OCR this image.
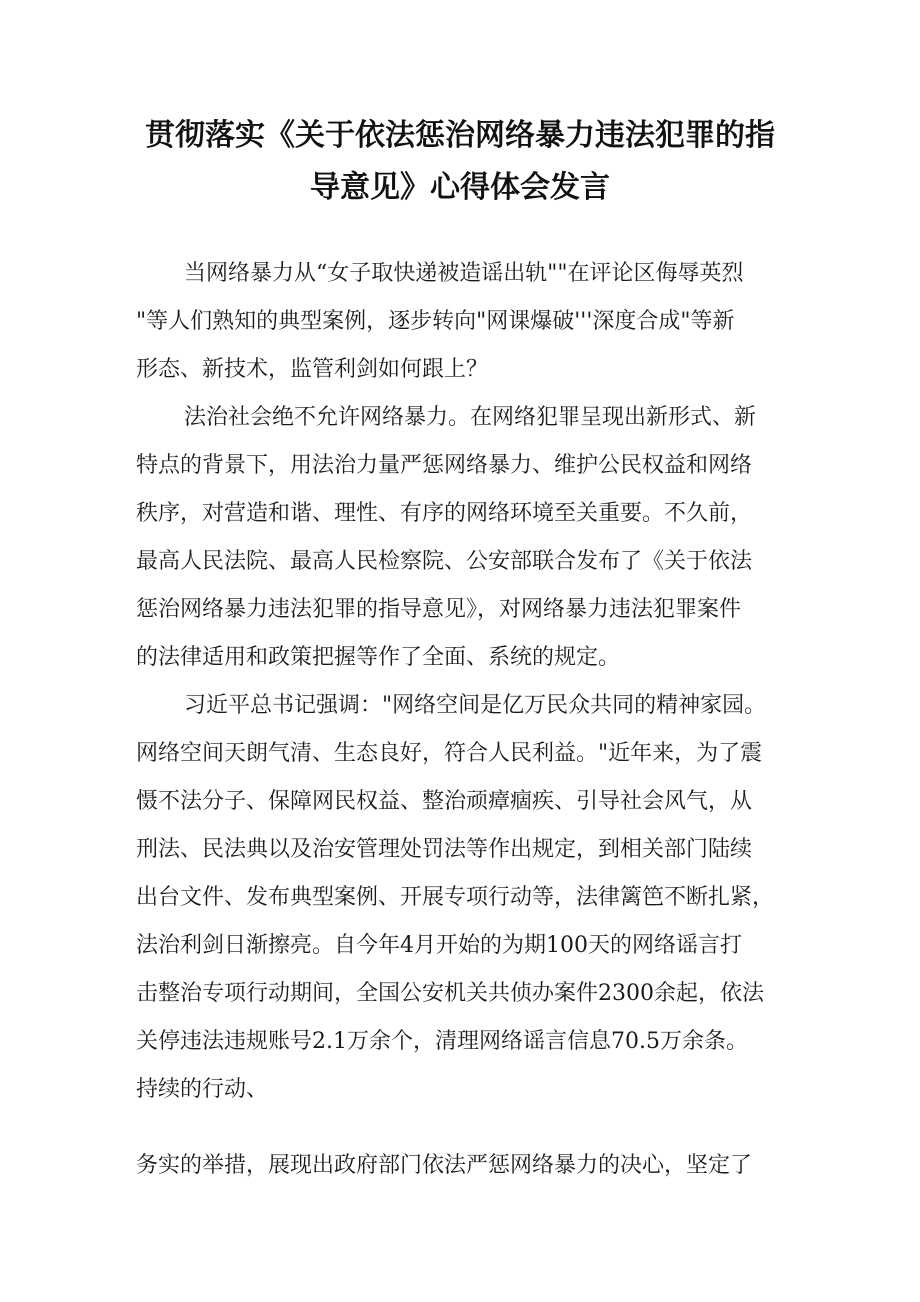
贯彻落实《关于依法惩治网络暴力违法犯罪的指
导意见》心得体会发言
当网络暴力从“女子取快递被造谣出轨""在评论区侮辱英烈
"等人们熟知的典型案例，逐步转向"网课爆破'''深度合成"等新
形态、新技术，监管利剑如何跟上？
法治社会绝不允许网络暴力。在网络犯罪呈现出新形式、新
特点的背景下，用法治力量严惩网络暴力、维护公民权益和网络
秩序，对营造和谐、理性、有序的网络环境至关重要。不久前，
最高人民法院、最高人民检察院、公安部联合发布了《关于依法
惩治网络暴力违法犯罪的指导意见》，对网络暴力违法犯罪案件
的法律适用和政策把握等作了全面、系统的规定。
习近平总书记强调："网络空间是亿万民众共同的精神家园。
网络空间天朗气清、生态良好，符合人民利益。"近年来，为了震
慑不法分子、保障网民权益、整治顽瘴痼疾、引导社会风气，从
刑法、民法典以及治安管理处罚法等作出规定，到相关部门陆续
出台文件、发布典型案例、开展专项行动等，法律篱笆不断扎紧，
法治利剑日渐擦亮。自今年4月开始的为期100天的网络谣言打
击整治专项行动期间，全国公安机关共侦办案件2300余起，依法
关停违法违规账号2.1万余个，清理网络谣言信息70.5万余条。
持续的行动、
务实的举措，展现出政府部门依法严惩网络暴力的决心，坚定了
